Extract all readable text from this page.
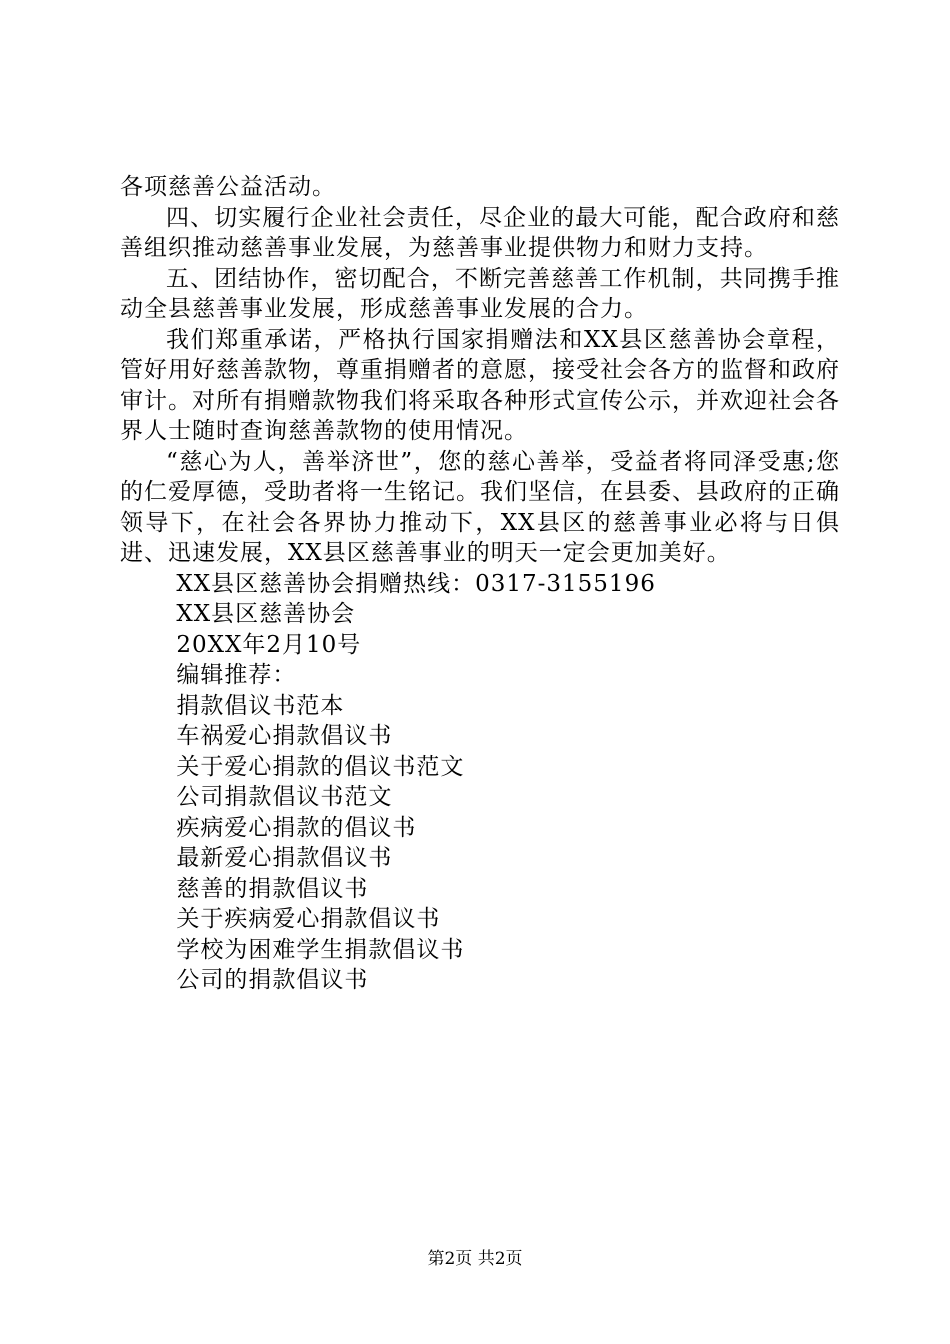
各项慈善公益活动。

四、切实履行企业社会责任，尽企业的最大可能，配合政府和慈善组织推动慈善事业发展，为慈善事业提供物力和财力支持。

五、团结协作，密切配合，不断完善慈善工作机制，共同携手推动全县慈善事业发展，形成慈善事业发展的合力。

我们郑重承诺，严格执行国家捐赠法和XX县区慈善协会章程，管好用好慈善款物，尊重捐赠者的意愿，接受社会各方的监督和政府审计。对所有捐赠款物我们将采取各种形式宣传公示，并欢迎社会各界人士随时查询慈善款物的使用情况。

“慈心为人，善举济世”，您的慈心善举，受益者将同泽受惠;您的仁爱厚德，受助者将一生铭记。我们坚信，在县委、县政府的正确领导下，在社会各界协力推动下，XX县区的慈善事业必将与日俱进、迅速发展，XX县区慈善事业的明天一定会更加美好。

XX县区慈善协会捐赠热线：0317-3155196

XX县区慈善协会

20XX年2月10号

编辑推荐：

捐款倡议书范本

车祸爱心捐款倡议书

关于爱心捐款的倡议书范文

公司捐款倡议书范文

疾病爱心捐款的倡议书

最新爱心捐款倡议书

慈善的捐款倡议书

关于疾病爱心捐款倡议书

学校为困难学生捐款倡议书

公司的捐款倡议书

第2页 共2页
